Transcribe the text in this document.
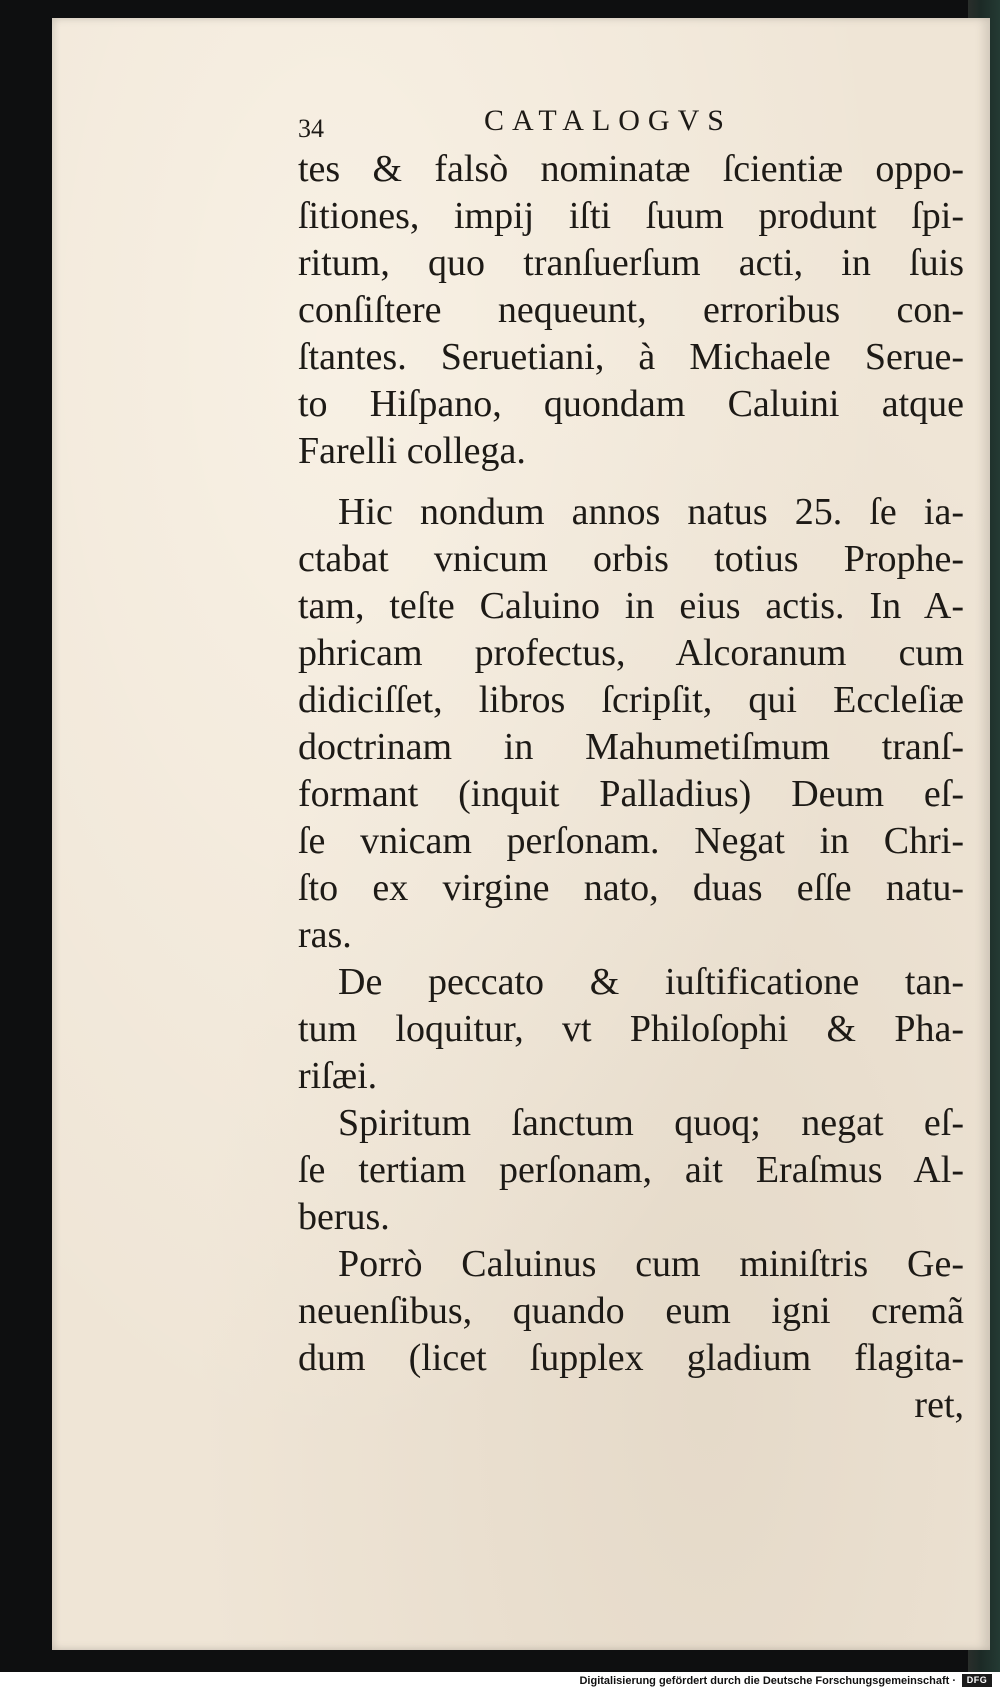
34	CATALOGVS
tes & falsò nominatæ ſcientiæ oppo-
ſitiones, impij iſti ſuum produnt ſpi-
ritum, quo tranſuerſum acti, in ſuis
conſiſtere nequeunt, erroribus con-
ſtantes. Seruetiani, à Michaele Serue-
to Hiſpano, quondam Caluini atque
Farelli collega.
Hic nondum annos natus 25. ſe ia-
ctabat vnicum orbis totius Prophe-
tam, teſte Caluino in eius actis. In A-
phricam profectus, Alcoranum cum
didiciſſet, libros ſcripſit, qui Eccleſiæ
doctrinam in Mahumetiſmum tranſ-
formant (inquit Palladius) Deum eſ-
ſe vnicam perſonam. Negat in Chri-
ſto ex virgine nato, duas eſſe natu-
ras.
De peccato & iuſtificatione tan-
tum loquitur, vt Philoſophi & Pha-
riſæi.
Spiritum ſanctum quoq; negat eſ-
ſe tertiam perſonam, ait Eraſmus Al-
berus.
Porrò Caluinus cum miniſtris Ge-
neuenſibus, quando eum igni cremã
dum (licet ſupplex gladium flagita-
ret,
Digitalisierung gefördert durch die Deutsche Forschungsgemeinschaft ·	DFG
